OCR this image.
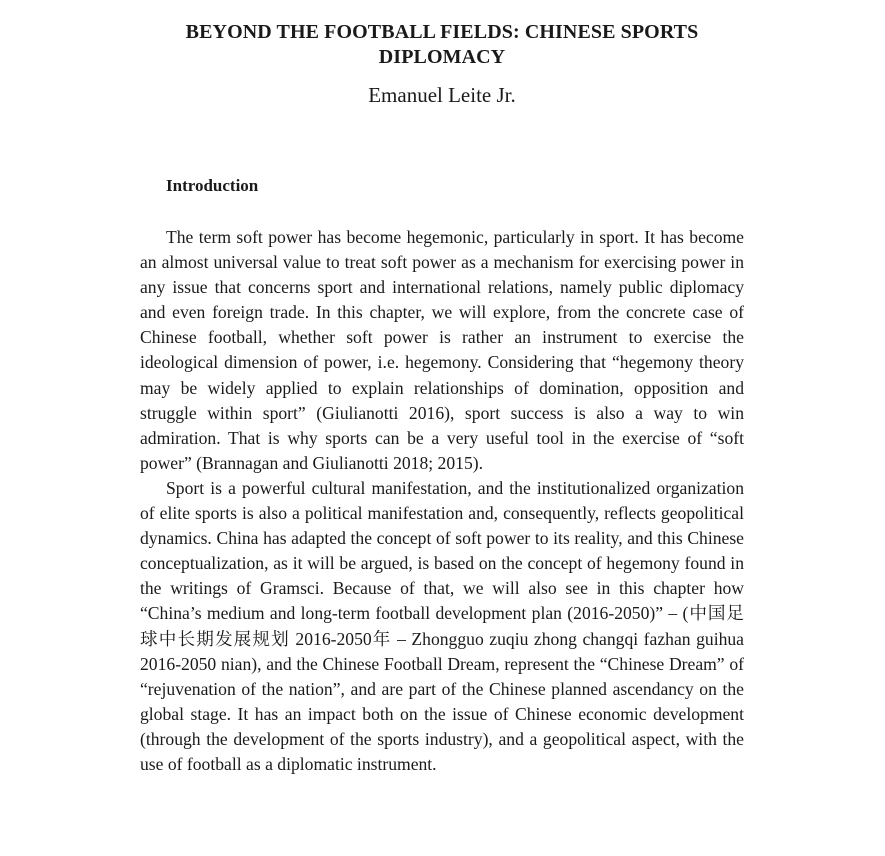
BEYOND THE FOOTBALL FIELDS: CHINESE SPORTS DIPLOMACY
Emanuel Leite Jr.
Introduction

The term soft power has become hegemonic, particularly in sport. It has become an almost universal value to treat soft power as a mechanism for exercising power in any issue that concerns sport and international relations, namely public diplomacy and even foreign trade. In this chapter, we will explore, from the concrete case of Chinese football, whether soft power is rather an instrument to exercise the ideological dimension of power, i.e. hegemony. Considering that “hegemony theory may be widely applied to explain relationships of domination, opposition and struggle within sport” (Giulianotti 2016), sport success is also a way to win admiration. That is why sports can be a very useful tool in the exercise of “soft power” (Brannagan and Giulianotti 2018; 2015).

Sport is a powerful cultural manifestation, and the institutionalized organization of elite sports is also a political manifestation and, consequently, reflects geopolitical dynamics. China has adapted the concept of soft power to its reality, and this Chinese conceptualization, as it will be argued, is based on the concept of hegemony found in the writings of Gramsci. Because of that, we will also see in this chapter how “China’s medium and long-term football development plan (2016-2050)” – (中国足球中长期发展规划 2016-2050年 – Zhongguo zuqiu zhong changqi fazhan guihua 2016-2050 nian), and the Chinese Football Dream, represent the “Chinese Dream” of “rejuvenation of the nation”, and are part of the Chinese planned ascendancy on the global stage. It has an impact both on the issue of Chinese economic development (through the development of the sports industry), and a geopolitical aspect, with the use of football as a diplomatic instrument.
